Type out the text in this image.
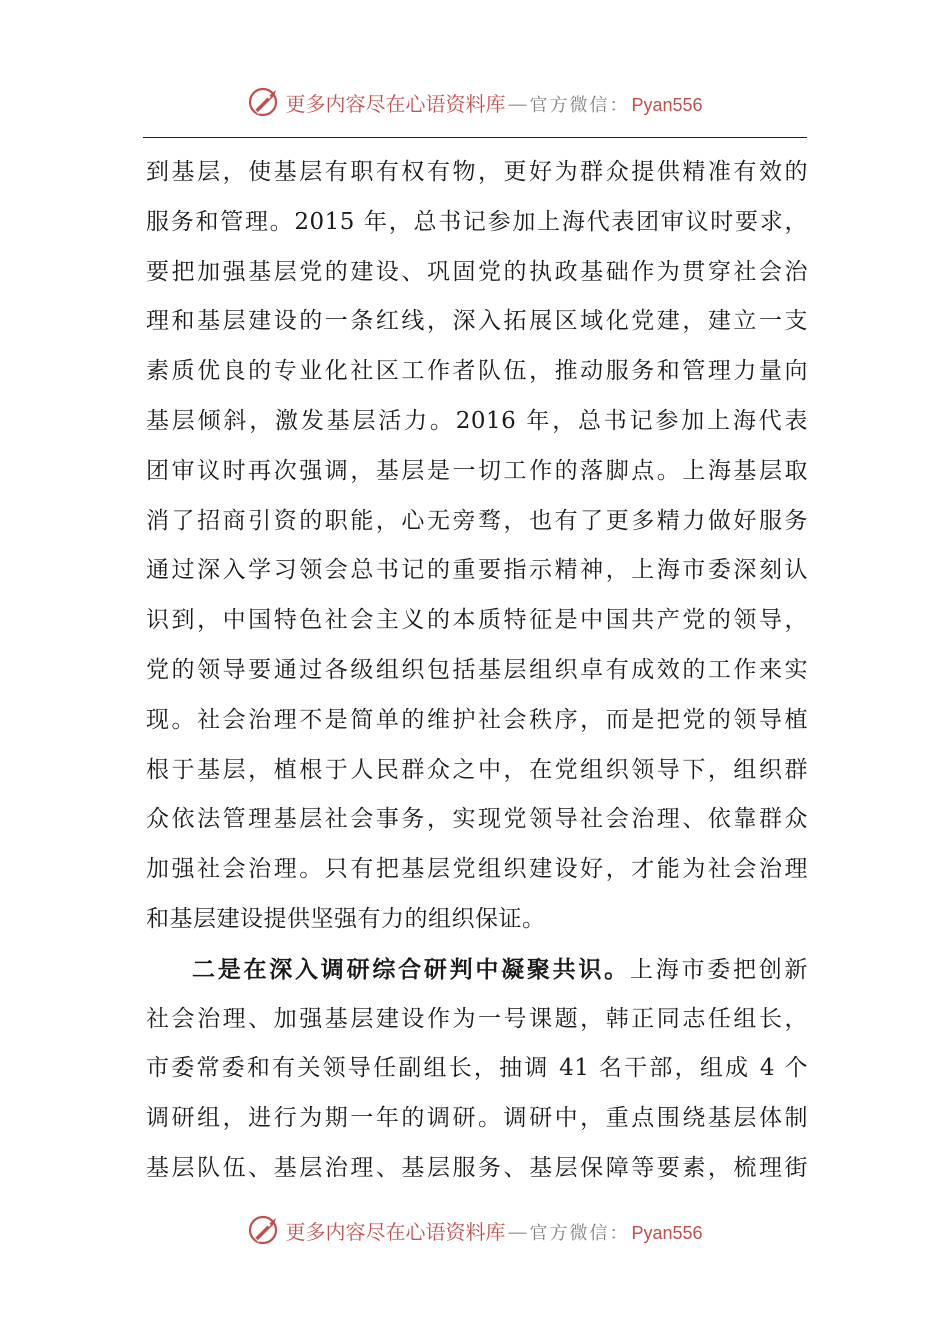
更多内容尽在心语资料库 — 官方微信： Pyan556
到基层，使基层有职有权有物，更好为群众提供精准有效的
服务和管理。2015 年，总书记参加上海代表团审议时要求，
要把加强基层党的建设、巩固党的执政基础作为贯穿社会治
理和基层建设的一条红线，深入拓展区域化党建，建立一支
素质优良的专业化社区工作者队伍，推动服务和管理力量向
基层倾斜，激发基层活力。2016 年，总书记参加上海代表
团审议时再次强调，基层是一切工作的落脚点。上海基层取
消了招商引资的职能，心无旁骛，也有了更多精力做好服务
通过深入学习领会总书记的重要指示精神，上海市委深刻认
识到，中国特色社会主义的本质特征是中国共产党的领导，
党的领导要通过各级组织包括基层组织卓有成效的工作来实
现。社会治理不是简单的维护社会秩序，而是把党的领导植
根于基层，植根于人民群众之中，在党组织领导下，组织群
众依法管理基层社会事务，实现党领导社会治理、依靠群众
加强社会治理。只有把基层党组织建设好，才能为社会治理
和基层建设提供坚强有力的组织保证。
二是在深入调研综合研判中凝聚共识。上海市委把创新
社会治理、加强基层建设作为一号课题，韩正同志任组长，
市委常委和有关领导任副组长，抽调 41 名干部，组成 4 个
调研组，进行为期一年的调研。调研中，重点围绕基层体制
基层队伍、基层治理、基层服务、基层保障等要素，梳理街
更多内容尽在心语资料库 — 官方微信： Pyan556
